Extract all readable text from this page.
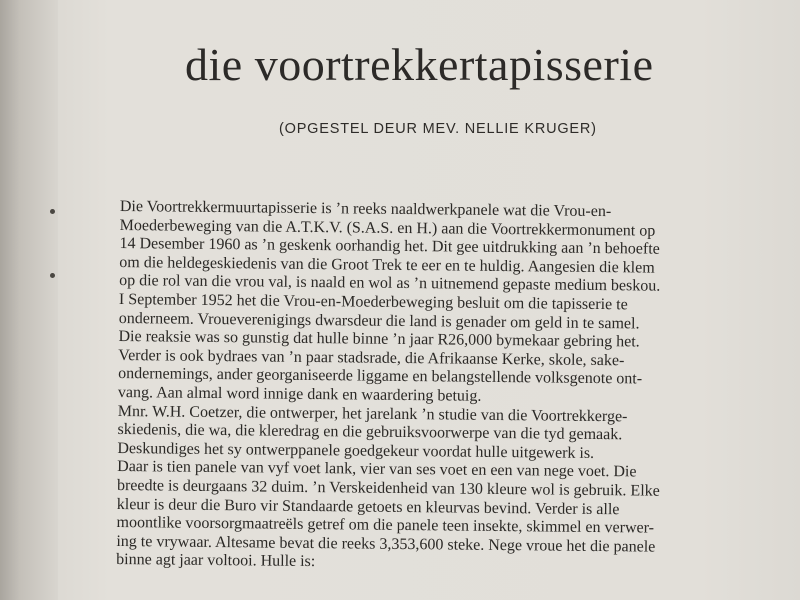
die voortrekkertapisserie
(OPGESTEL DEUR MEV. NELLIE KRUGER)
Die Voortrekkermuurtapisserie is ’n reeks naaldwerkpanele wat die Vrou-en-
Moederbeweging van die A.T.K.V. (S.A.S. en H.) aan die Voortrekkermonument op
14 Desember 1960 as ’n geskenk oorhandig het. Dit gee uitdrukking aan ’n behoefte
om die heldegeskiedenis van die Groot Trek te eer en te huldig. Aangesien die klem
op die rol van die vrou val, is naald en wol as ’n uitnemend gepaste medium beskou.
I September 1952 het die Vrou-en-Moederbeweging besluit om die tapisserie te
onderneem. Vroueverenigings dwarsdeur die land is genader om geld in te samel.
Die reaksie was so gunstig dat hulle binne ’n jaar R26,000 bymekaar gebring het.
Verder is ook bydraes van ’n paar stadsrade, die Afrikaanse Kerke, skole, sake-
ondernemings, ander georganiseerde liggame en belangstellende volksgenote ont-
vang. Aan almal word innige dank en waardering betuig.
Mnr. W.H. Coetzer, die ontwerper, het jarelank ’n studie van die Voortrekkerge-
skiedenis, die wa, die kleredrag en die gebruiksvoorwerpe van die tyd gemaak.
Deskundiges het sy ontwerppanele goedgekeur voordat hulle uitgewerk is.
Daar is tien panele van vyf voet lank, vier van ses voet en een van nege voet. Die
breedte is deurgaans 32 duim. ’n Verskeidenheid van 130 kleure wol is gebruik. Elke
kleur is deur die Buro vir Standaarde getoets en kleurvas bevind. Verder is alle
moontlike voorsorgmaatreëls getref om die panele teen insekte, skimmel en verwer-
ing te vrywaar. Altesame bevat die reeks 3,353,600 steke. Nege vroue het die panele
binne agt jaar voltooi. Hulle is:
